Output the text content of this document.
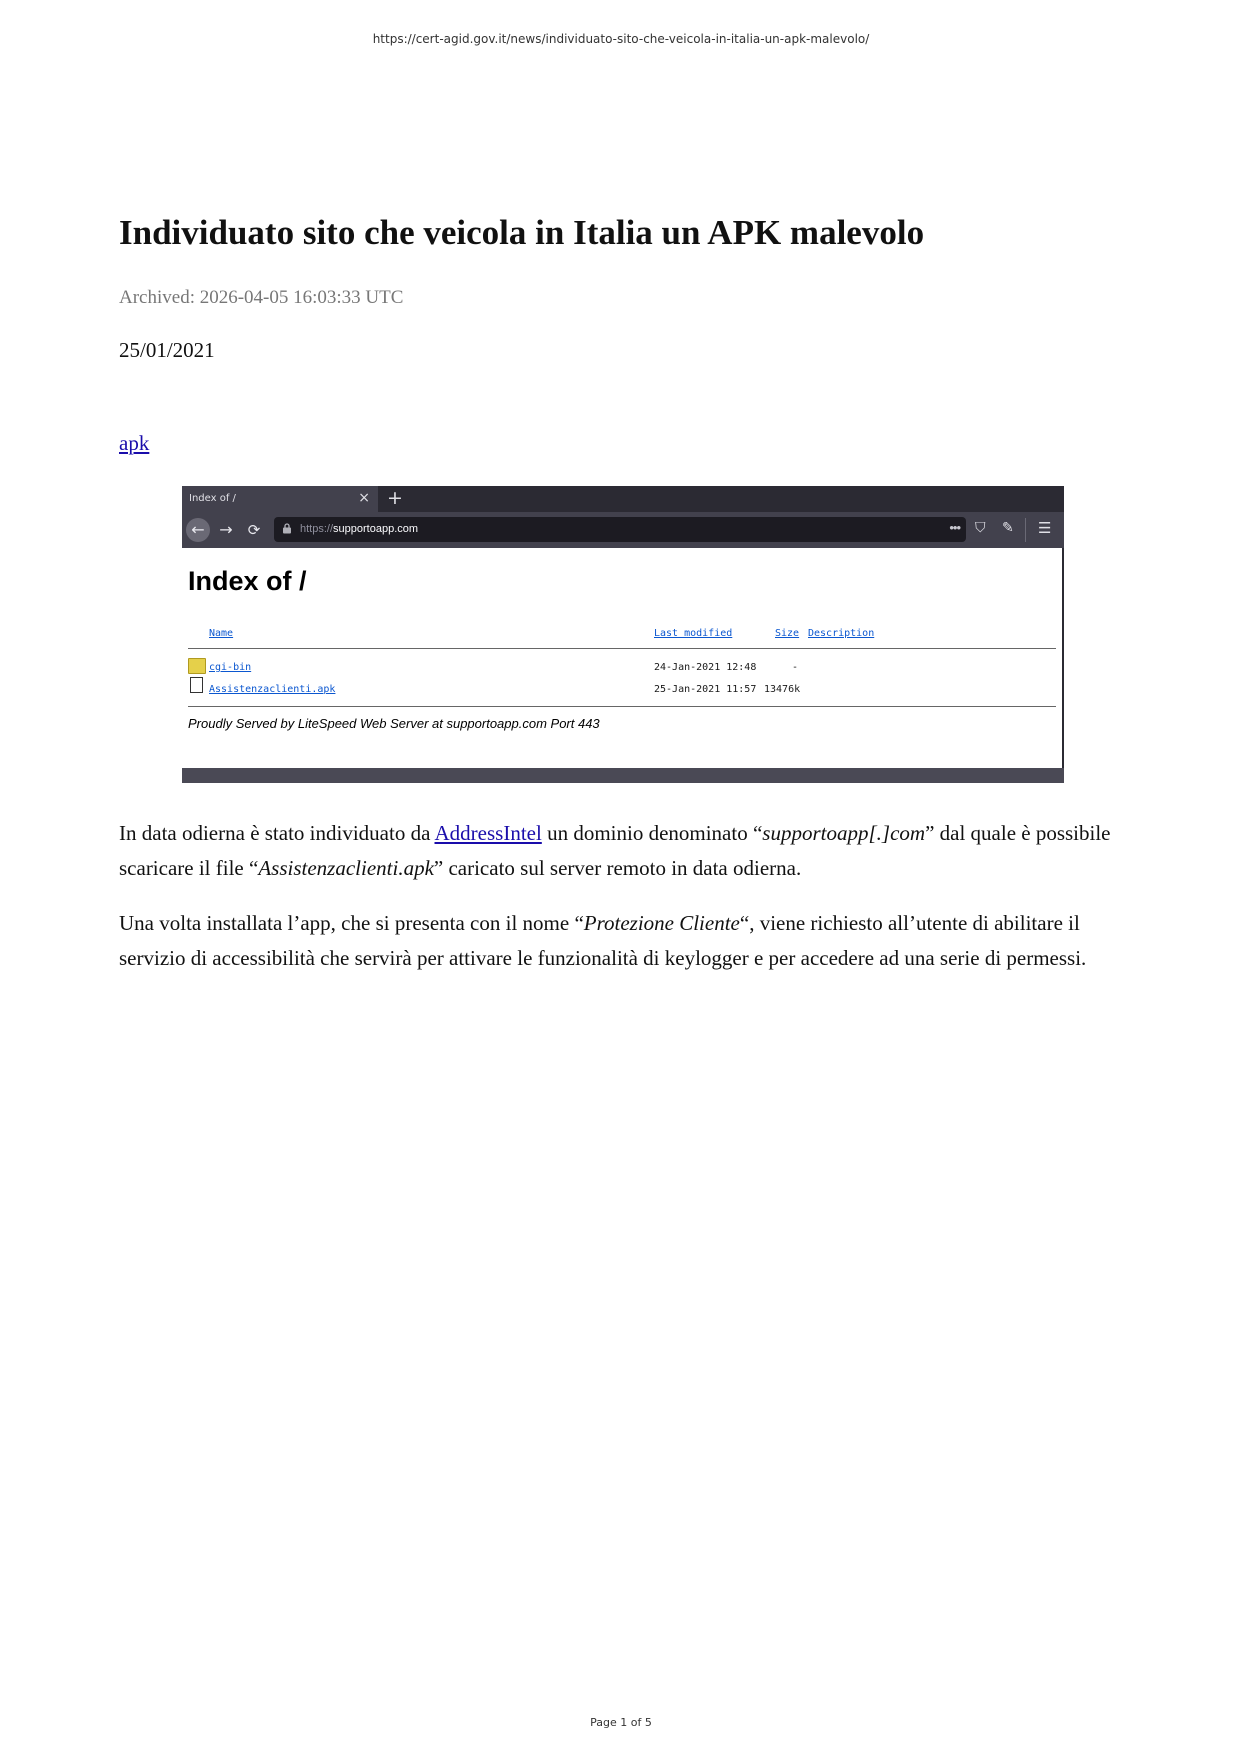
https://cert-agid.gov.it/news/individuato-sito-che-veicola-in-italia-un-apk-malevolo/
Individuato sito che veicola in Italia un APK malevolo
Archived: 2026-04-05 16:03:33 UTC
25/01/2021
apk
Index of /	× +
← →	⟳	https://supportoapp.com	••• ⛉ ✎ ☰
Index of /
Name	Last modified	Size Description
cgi-bin	24-Jan-2021 12:48	-
Assistenzaclienti.apk	25-Jan-2021 11:57 13476k
Proudly Served by LiteSpeed Web Server at supportoapp.com Port 443

In data odierna è stato individuato da AddressIntel un dominio denominato “supportoapp[.]com” dal quale è possibile scaricare il file “Assistenzaclienti.apk” caricato sul server remoto in data odierna.

Una volta installata l’app, che si presenta con il nome “Protezione Cliente“, viene richiesto all’utente di abilitare il servizio di accessibilità che servirà per attivare le funzionalità di keylogger e per accedere ad una serie di permessi.

Page 1 of 5
